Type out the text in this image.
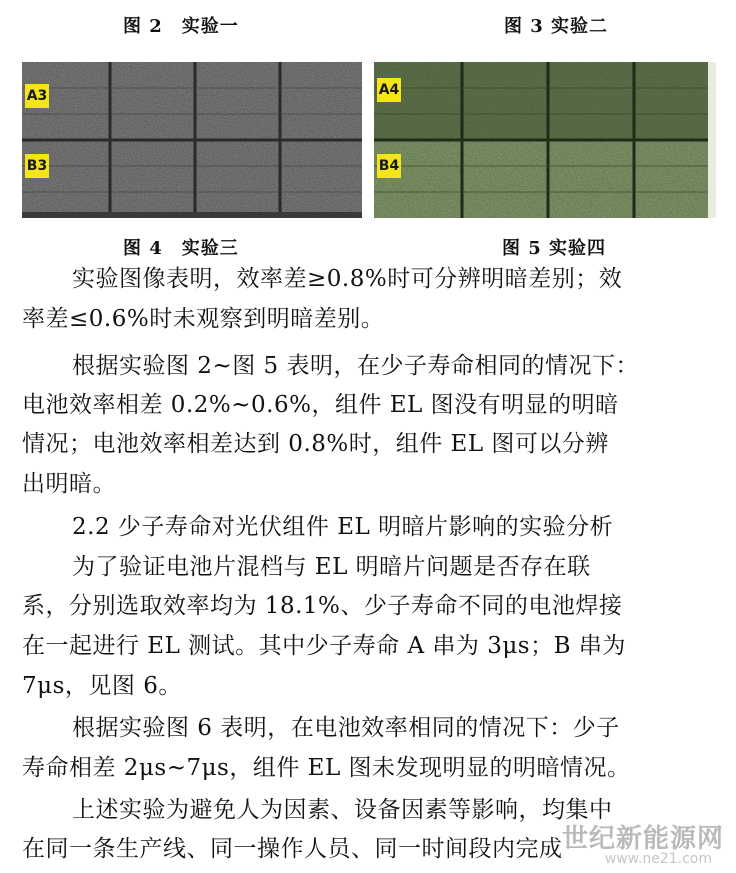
图 2　实验一	图 3 实验二
A3
B3
A4
B4
图 4　实验三	图 5 实验四
实验图像表明，效率差≥0.8%时可分辨明暗差别；效
率差≤0.6%时未观察到明暗差别。
根据实验图 2~图 5 表明，在少子寿命相同的情况下：
电池效率相差 0.2%~0.6%，组件 EL 图没有明显的明暗
情况；电池效率相差达到 0.8%时，组件 EL 图可以分辨
出明暗。
2.2 少子寿命对光伏组件 EL 明暗片影响的实验分析
为了验证电池片混档与 EL 明暗片问题是否存在联
系，分别选取效率均为 18.1%、少子寿命不同的电池焊接
在一起进行 EL 测试。其中少子寿命 A 串为 3μs；B 串为
7μs，见图 6。
根据实验图 6 表明，在电池效率相同的情况下：少子
寿命相差 2μs~7μs，组件 EL 图未发现明显的明暗情况。
上述实验为避免人为因素、设备因素等影响，均集中
在同一条生产线、同一操作人员、同一时间段内完成 世纪新能源网
www.ne21.com
